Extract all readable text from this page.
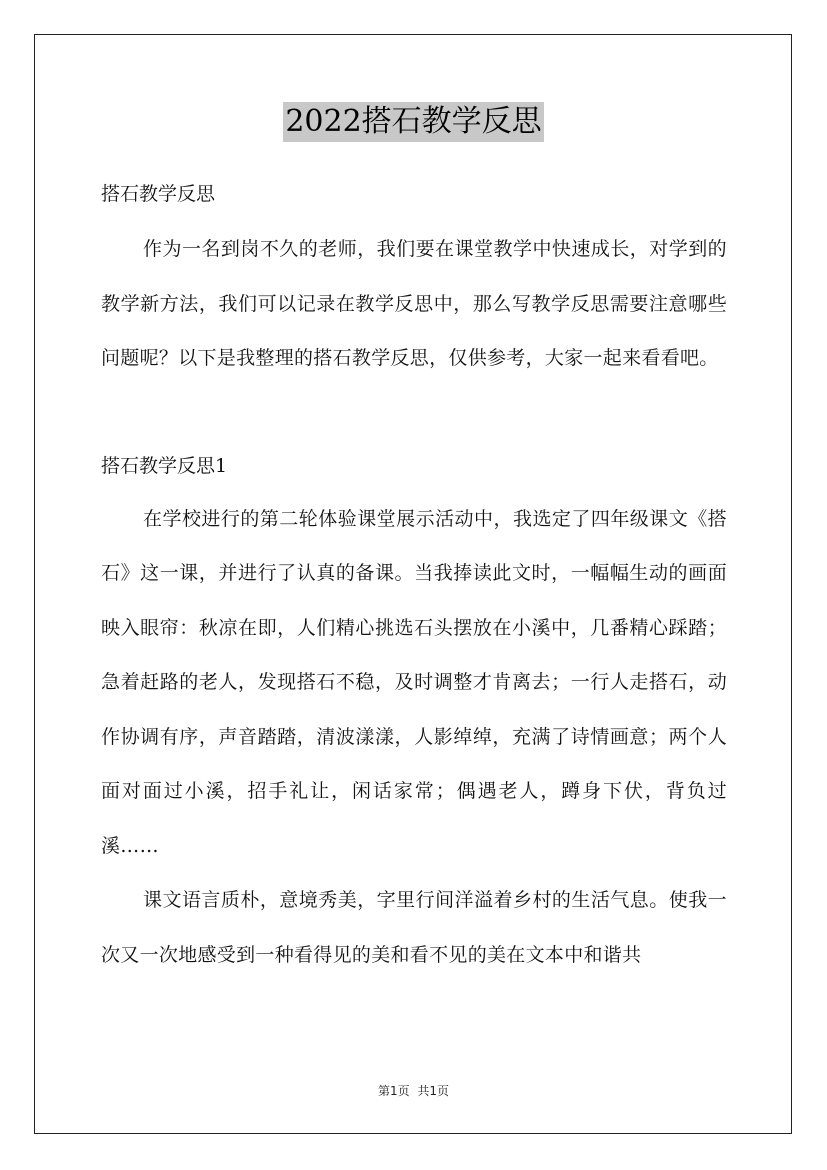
2022搭石教学反思

搭石教学反思

作为一名到岗不久的老师，我们要在课堂教学中快速成长，对学到的教学新方法，我们可以记录在教学反思中，那么写教学反思需要注意哪些问题呢？以下是我整理的搭石教学反思，仅供参考，大家一起来看看吧。

搭石教学反思1

在学校进行的第二轮体验课堂展示活动中，我选定了四年级课文《搭石》这一课，并进行了认真的备课。当我捧读此文时，一幅幅生动的画面映入眼帘：秋凉在即，人们精心挑选石头摆放在小溪中，几番精心踩踏；急着赶路的老人，发现搭石不稳，及时调整才肯离去；一行人走搭石，动作协调有序，声音踏踏，清波漾漾，人影绰绰，充满了诗情画意；两个人面对面过小溪，招手礼让，闲话家常；偶遇老人，蹲身下伏，背负过溪……

课文语言质朴，意境秀美，字里行间洋溢着乡村的生活气息。使我一次又一次地感受到一种看得见的美和看不见的美在文本中和谐共

第1页 共1页
